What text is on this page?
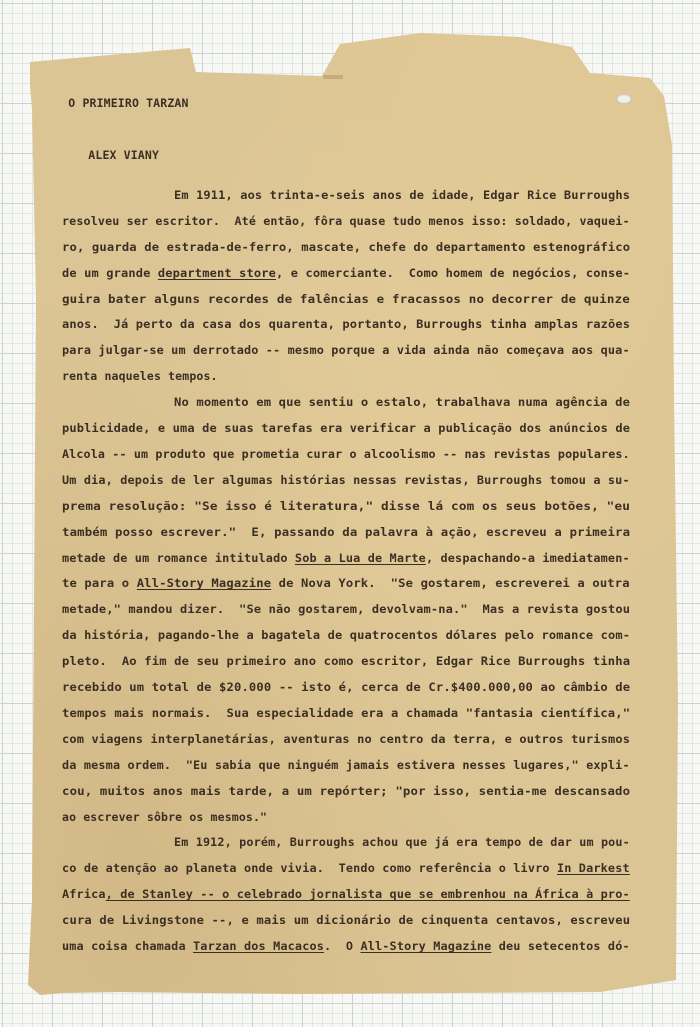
O PRIMEIRO TARZAN

ALEX VIANY

Em 1911, aos trinta-e-seis anos de idade, Edgar Rice Burroughs
resolveu ser escritor.  Até então, fôra quase tudo menos isso: soldado, vaquei-
ro, guarda de estrada-de-ferro, mascate, chefe do departamento estenográfico
de um grande department store, e comerciante.  Como homem de negócios, conse-
guira bater alguns recordes de falências e fracassos no decorrer de quinze
anos.  Já perto da casa dos quarenta, portanto, Burroughs tinha amplas razões
para julgar-se um derrotado -- mesmo porque a vida ainda não começava aos qua-
renta naqueles tempos.
No momento em que sentiu o estalo, trabalhava numa agência de
publicidade, e uma de suas tarefas era verificar a publicação dos anúncios de
Alcola -- um produto que prometia curar o alcoolismo -- nas revistas populares.
Um dia, depois de ler algumas histórias nessas revistas, Burroughs tomou a su-
prema resolução: "Se isso é literatura," disse lá com os seus botões, "eu
também posso escrever."  E, passando da palavra à ação, escreveu a primeira
metade de um romance intitulado Sob a Lua de Marte, despachando-a imediatamen-
te para o All-Story Magazine de Nova York.  "Se gostarem, escreverei a outra
metade," mandou dizer.  "Se não gostarem, devolvam-na."  Mas a revista gostou
da história, pagando-lhe a bagatela de quatrocentos dólares pelo romance com-
pleto.  Ao fim de seu primeiro ano como escritor, Edgar Rice Burroughs tinha
recebido um total de $20.000 -- isto é, cerca de Cr.$400.000,00 ao câmbio de
tempos mais normais.  Sua especialidade era a chamada "fantasia científica,"
com viagens interplanetárias, aventuras no centro da terra, e outros turismos
da mesma ordem.  "Eu sabia que ninguém jamais estivera nesses lugares," expli-
cou, muitos anos mais tarde, a um repórter; "por isso, sentia-me descansado
ao escrever sôbre os mesmos."
Em 1912, porém, Burroughs achou que já era tempo de dar um pou-
co de atenção ao planeta onde vivia.  Tendo como referência o livro In Darkest
Africa, de Stanley -- o celebrado jornalista que se embrenhou na África à pro-
cura de Livingstone --, e mais um dicionário de cinquenta centavos, escreveu
uma coisa chamada Tarzan dos Macacos.  O All-Story Magazine deu setecentos dó-
